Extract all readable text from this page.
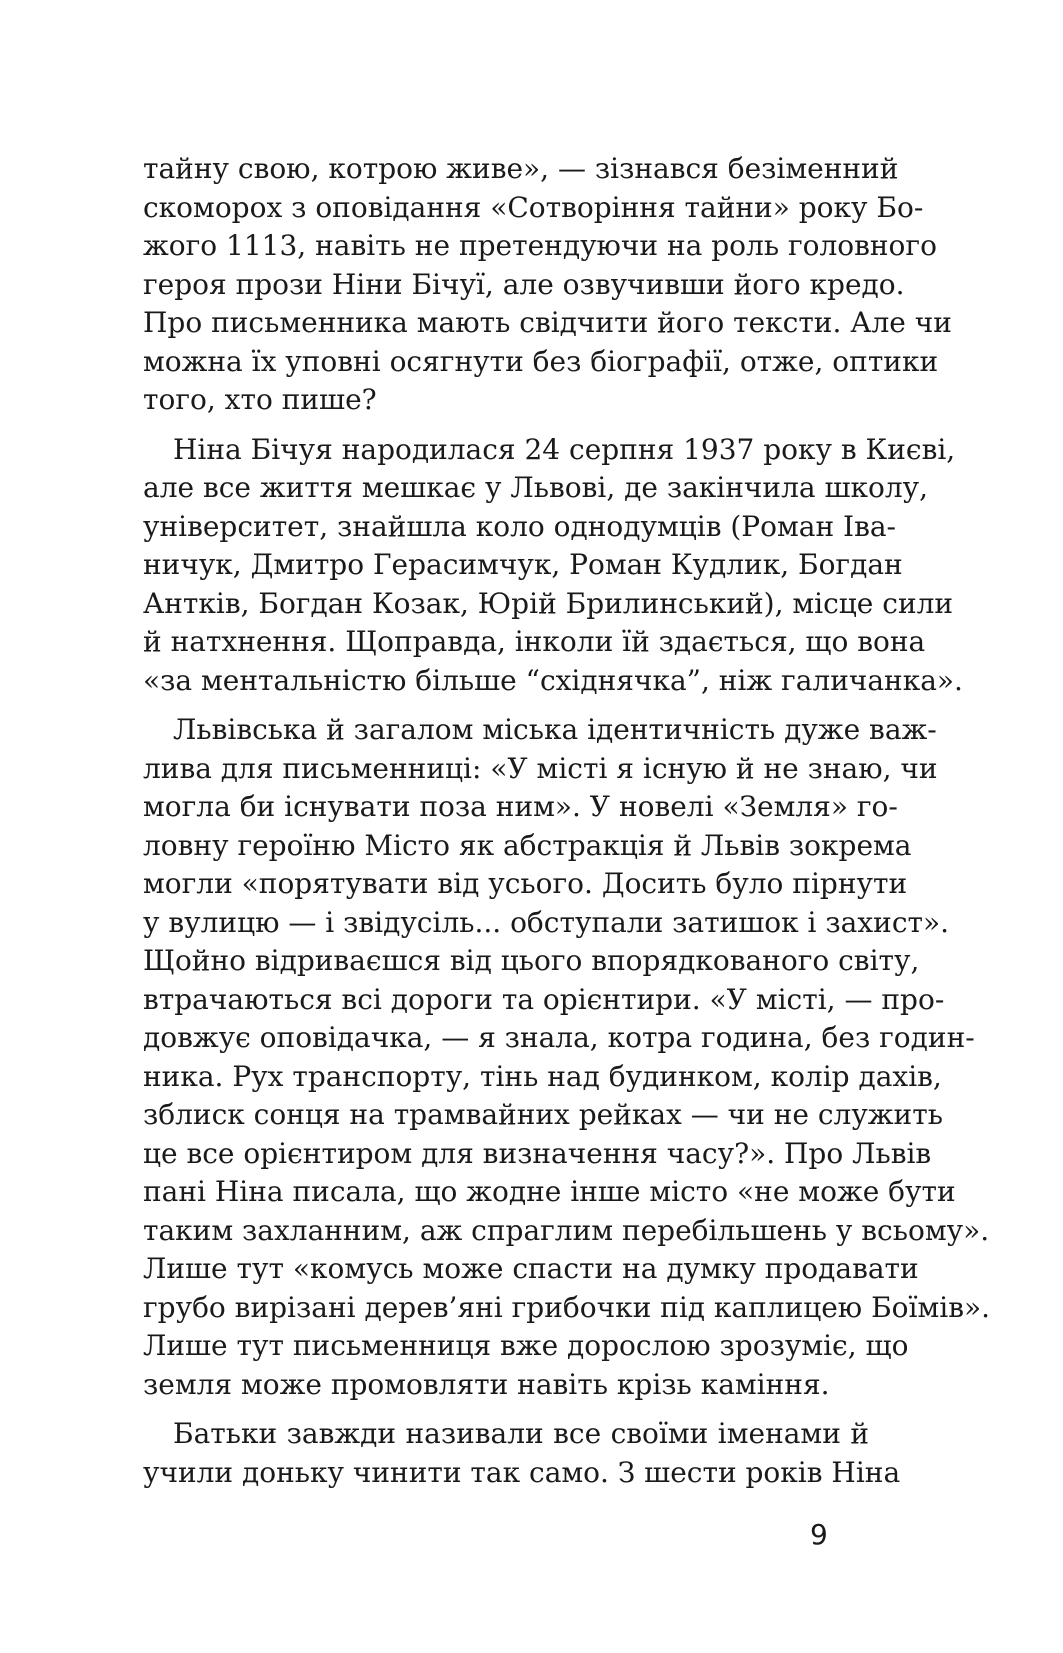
тайну свою, котрою живе», — зізнався безіменний
скоморох з оповідання «Сотворіння тайни» року Бо-
жого 1113, навіть не претендуючи на роль головного
героя прози Ніни Бічуї, але озвучивши його кредо.
Про письменника мають свідчити його тексти. Але чи
можна їх уповні осягнути без біографії, отже, оптики
того, хто пише?
Ніна Бічуя народилася 24 серпня 1937 року в Києві,
але все життя мешкає у Львові, де закінчила школу,
університет, знайшла коло однодумців (Роман Іва-
ничук, Дмитро Герасимчук, Роман Кудлик, Богдан
Антків, Богдан Козак, Юрій Брилинський), місце сили
й натхнення. Щоправда, інколи їй здається, що вона
«за ментальністю більше “східнячка”, ніж галичанка».
Львівська й загалом міська ідентичність дуже важ-
лива для письменниці: «У місті я існую й не знаю, чи
могла би існувати поза ним». У новелі «Земля» го-
ловну героїню Місто як абстракція й Львів зокрема
могли «порятувати від усього. Досить було пірнути
у вулицю — і звідусіль... обступали затишок і захист».
Щойно відриваєшся від цього впорядкованого світу,
втрачаються всі дороги та орієнтири. «У місті, — про-
довжує оповідачка, — я знала, котра година, без годин-
ника. Рух транспорту, тінь над будинком, колір дахів,
зблиск сонця на трамвайних рейках — чи не служить
це все орієнтиром для визначення часу?». Про Львів
пані Ніна писала, що жодне інше місто «не може бути
таким захланним, аж спраглим перебільшень у всьому».
Лише тут «комусь може спасти на думку продавати
грубо вирізані дерев’яні грибочки під каплицею Боїмів».
Лише тут письменниця вже дорослою зрозуміє, що
земля може промовляти навіть крізь каміння.
Батьки завжди називали все своїми іменами й
учили доньку чинити так само. З шести років Ніна
9
